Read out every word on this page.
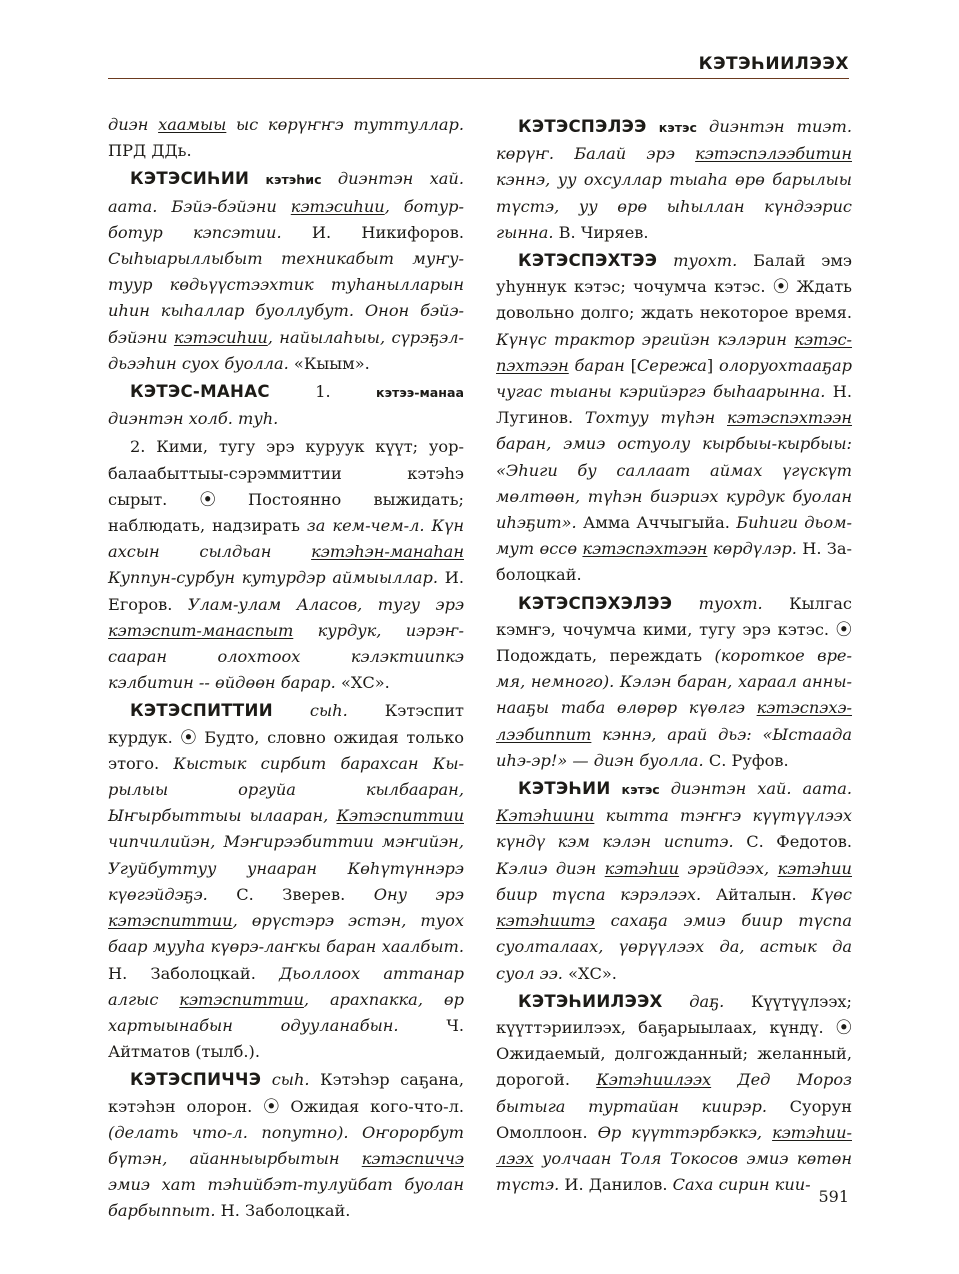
КЭТЭҺИИЛЭЭХ

диэн хаамыы ыс көрүҥҥэ туттуллар. ПРД ДДь.

КЭТЭСИҺИИ кэтэһис диэнтэн хай. аата. Бэйэ-бэйэни кэтэсиһии, ботур-ботур кэпсэтии. И. Никифоров. Сыһыарыллыбыт техникабыт муҥутуур көдьүүстээхтик туһанылларын иһин кыһаллар буоллубут. Онон бэйэ-бэйэни кэтэсиһии, найылаһыы, сүрэҕэлдьээһин суох буолла. «Кыым».

КЭТЭС-МАНАС 1. кэтээ-манаа диэнтэн холб. туһ.

2. Кими, тугу эрэ куруук күүт; уорбалаабыттыы-сэрэммиттии кэтэһэ сырыт. ⦿ Постоянно выжидать; наблюдать, надзирать за кем-чем-л. Күн ахсын сылдьан кэтэһэн-манаһан Куппун-сурбун кутурдэр аймыыллар. И. Егоров. Улам-улам Аласов, тугу эрэ кэтэспит-манаспыт курдук, иэрэҥ-сааран олохтоох кэлэктиипкэ кэлбитин -- өйдөөн барар. «ХС».

КЭТЭСПИТТИИ сыһ. Кэтэспит курдук. ⦿ Будто, словно ожидая только этого. Кыстык сирбит барахсан Кырылыы оргуйа кылбааран, Ыҥырбыттыы ылааран, Кэтэспиттии чипчилийэн, Мэҥирээбиттии мэҥийэн, Угуйбуттуу унаарaн Көһүтүннэрэ күөгэйдэҕэ. С. Зверев. Ону эрэ кэтэспиттии, өрүстэрэ эстэн, туох баар мууһа күөрэ-лаҥкы баран хаалбыт. Н. Заболоцкай. Дьоллоох аттанар алгыс кэтэспиттии, арахпакка, өр хартыынабын одууланабын. Ч. Айтматов (тылб.).

КЭТЭСПИЧЧЭ сыһ. Кэтэһэр саҕана, кэтэһэн олорон. ⦿ Ожидая кого-что-л. (делать что-л. попутно). Оҥорорбут бүтэн, айанныырбытын кэтэспиччэ эмиэ хат тэһийбэт-тулуйбат буолан барбыппыт. Н. Заболоцкай.

КЭТЭСПЭЛЭЭ кэтэс диэнтэн тиэт. көрүҥ. Балай эрэ кэтэспэлээбитин кэннэ, уу охсуллар тыаһа өрө барылыы түстэ, уу өрө ыһыллан күндээрис гынна. В. Чиряев.

КЭТЭСПЭХТЭЭ туохт. Балай эмэ уһуннук кэтэс; чочумча кэтэс. ⦿ Ждать довольно долго; ждать некоторое время. Күнүс трактор эргийэн кэлэрин кэтэспэхтээн баран [Сережа] олоруохтааҕар чугас тыаны кэрийэргэ быһаарынна. Н. Лугинов. Тохтуу түһэн кэтэспэхтээн баран, эмиэ остуолу кырбыы-кырбыы: «Эһиги бу саллаат аймах үгүскүт мөлтөөн, түһэн биэриэх курдук буолан иһэҕит». Амма Аччыгыйа. Биһиги дьоммут өссө кэтэспэхтээн көрдүлэр. Н. Заболоцкай.

КЭТЭСПЭХЭЛЭЭ туохт. Кылгас кэмҥэ, чочумча кими, тугу эрэ кэтэс. ⦿ Подождать, переждать (короткое время, немного). Кэлэн баран, хараал аннынааҕы таба өлөрөр күөлгэ кэтэспэхэлээбиппит кэннэ, арай дьэ: «Ыстаада иһэ-эр!» — диэн буолла. С. Руфов.

КЭТЭҺИИ кэтэс диэнтэн хай. аата. Кэтэһиини кытта тэҥҥэ күүтүүлээх күндү кэм кэлэн испитэ. С. Федотов. Кэлиэ диэн кэтэһии эрэйдээх, кэтэһии биир түспа кэрэлээх. Айталын. Күөс кэтэһиитэ сахаҕа эмиэ биир түспа суолталаах, үөрүүлээх да, астык да суол ээ. «ХС».

КЭТЭҺИИЛЭЭХ даҕ. Күүтүүлээх; күүттэриилээх, баҕарыылаах, күндү. ⦿ Ожидаемый, долгожданный; желанный, дорогой. Кэтэһиилээх Дед Мороз бытыга туртайан киирэр. Суорун Омоллоон. Өр күүттэрбэккэ, кэтэһиилээх уолчаан Толя Токосов эмиэ көтөн түстэ. И. Данилов. Саха сирин кии-

591
